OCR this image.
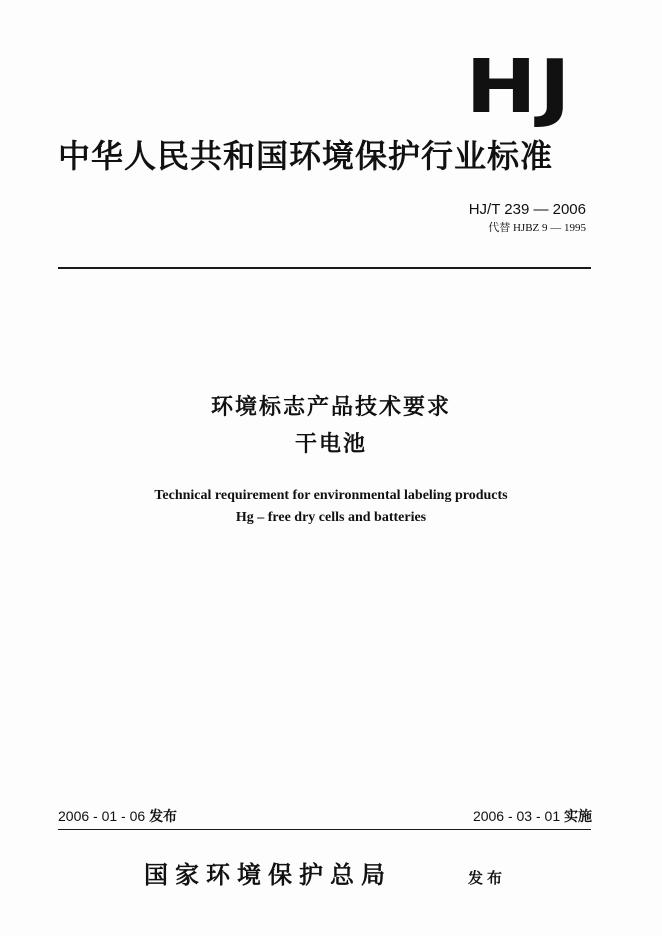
HJ
中华人民共和国环境保护行业标准
HJ/T 239 — 2006
代替 HJBZ 9 — 1995
环境标志产品技术要求
干电池
Technical requirement for environmental labeling products
Hg – free dry cells and batteries
2006 - 01 - 06 发布	2006 - 03 - 01 实施
国家环境保护总局	发布
